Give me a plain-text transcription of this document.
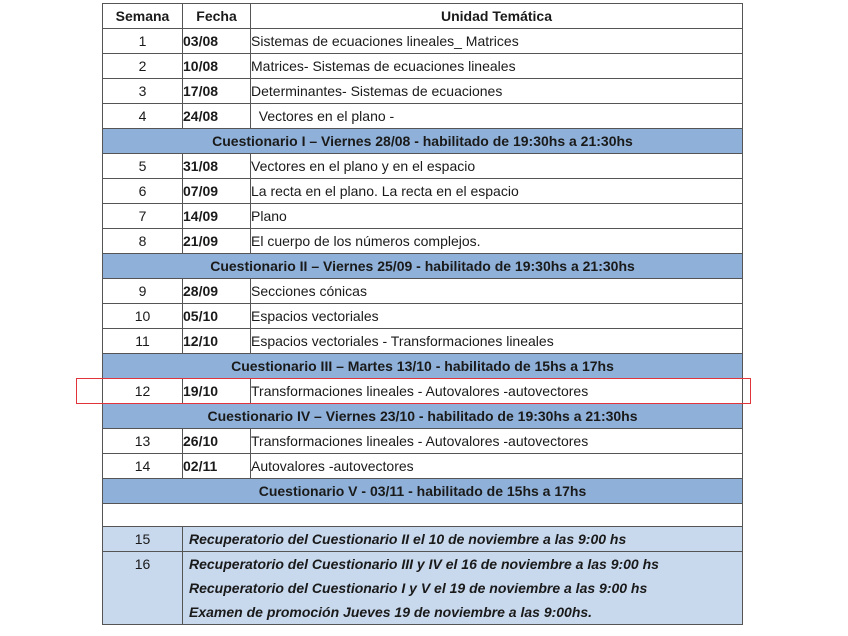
Semana	Fecha	Unidad Temática
1	03/08	Sistemas de ecuaciones lineales_ Matrices
2	10/08	Matrices- Sistemas de ecuaciones lineales
3	17/08	Determinantes- Sistemas de ecuaciones
4	24/08	Vectores en el plano -
Cuestionario I – Viernes 28/08 - habilitado de 19:30hs a 21:30hs		
5	31/08	Vectores en el plano y en el espacio
6	07/09	La recta en el plano. La recta en el espacio
7	14/09	Plano
8	21/09	El cuerpo de los números complejos.
Cuestionario II – Viernes 25/09 - habilitado de 19:30hs a 21:30hs		
9	28/09	Secciones cónicas
10	05/10	Espacios vectoriales
11	12/10	Espacios vectoriales - Transformaciones lineales
Cuestionario III – Martes 13/10 - habilitado de 15hs a 17hs		
12	19/10	Transformaciones lineales - Autovalores -autovectores
Cuestionario IV – Viernes 23/10 - habilitado de 19:30hs a 21:30hs		
13	26/10	Transformaciones lineales - Autovalores -autovectores
14	02/11	Autovalores -autovectores
Cuestionario V - 03/11 - habilitado de 15hs a 17hs		

15	Recuperatorio del Cuestionario II el 10 de noviembre a las 9:00 hs	
16	Recuperatorio del Cuestionario III y IV el 16 de noviembre a las 9:00 hs	
	Recuperatorio del Cuestionario I y V el 19 de noviembre a las 9:00 hs	
	Examen de promoción Jueves 19 de noviembre a las 9:00hs.	
